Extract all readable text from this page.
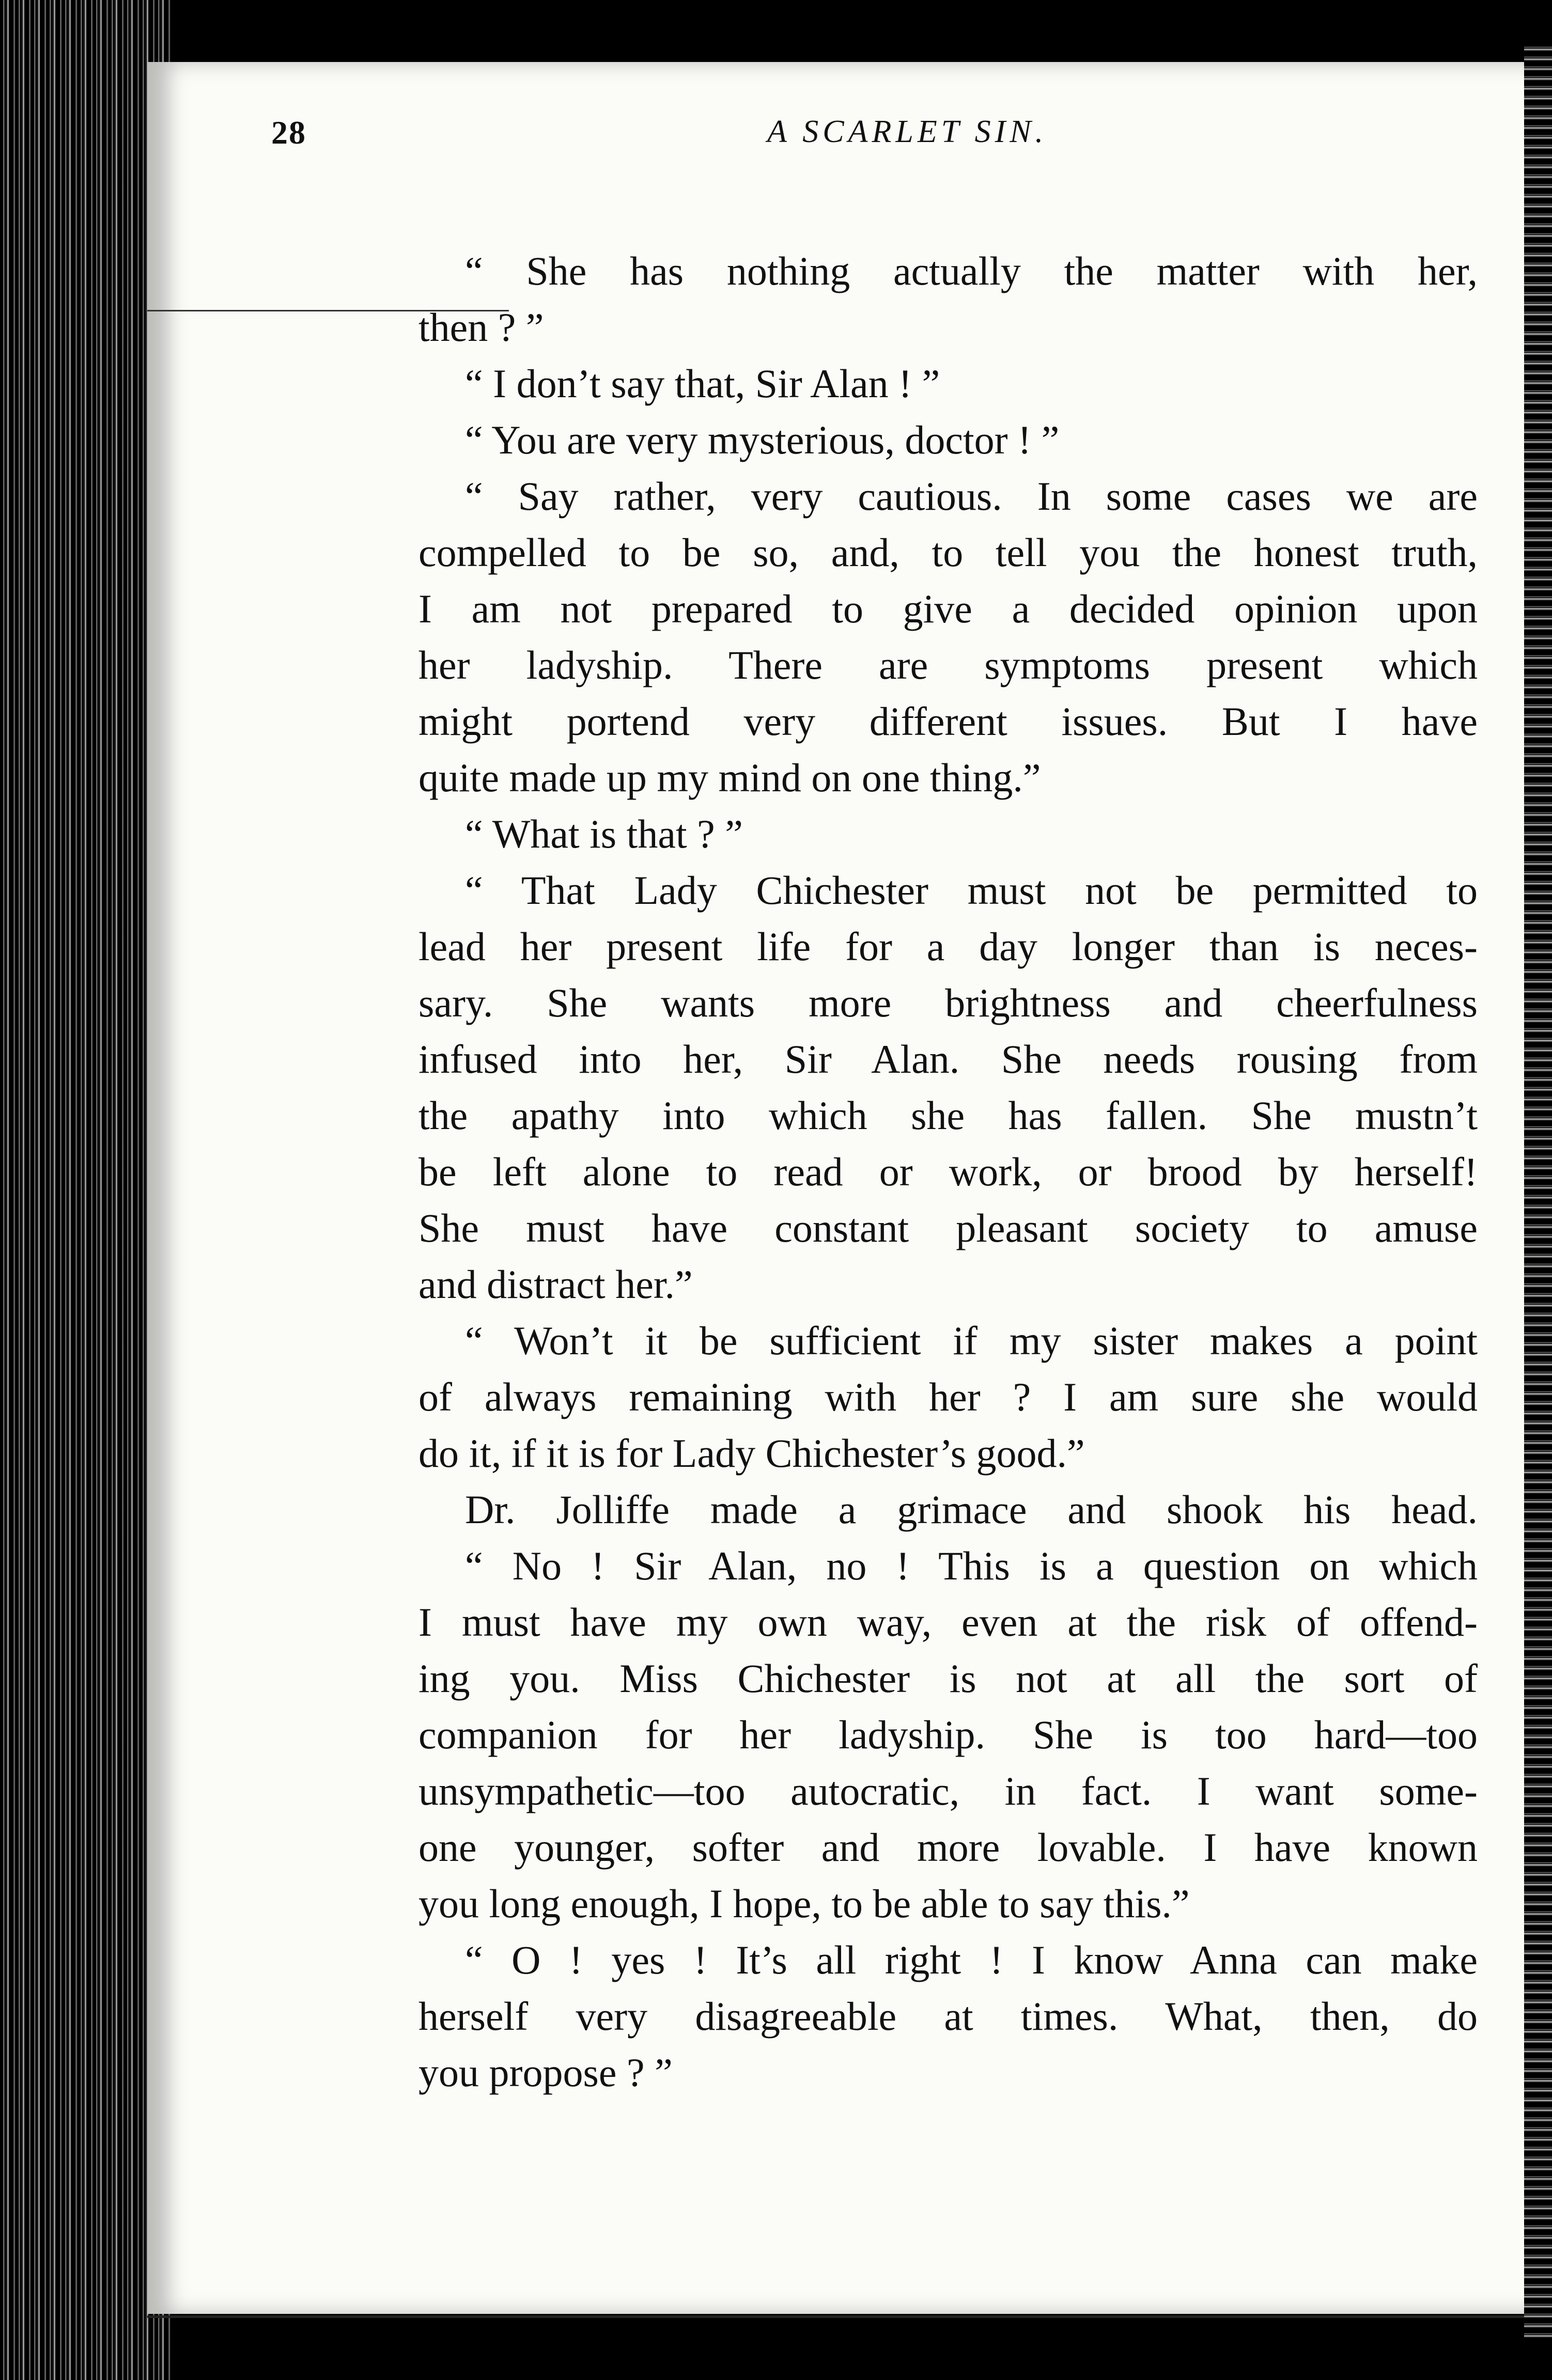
28	A SCARLET SIN.
“ She has nothing actually the matter with her,
then ? ”
“ I don’t say that, Sir Alan ! ”
“ You are very mysterious, doctor ! ”
“ Say rather, very cautious. In some cases we are
compelled to be so, and, to tell you the honest truth,
I am not prepared to give a decided opinion upon
her ladyship. There are symptoms present which
might portend very different issues. But I have
quite made up my mind on one thing.”
“ What is that ? ”
“ That Lady Chichester must not be permitted to
lead her present life for a day longer than is neces-
sary. She wants more brightness and cheerfulness
infused into her, Sir Alan. She needs rousing from
the apathy into which she has fallen. She mustn’t
be left alone to read or work, or brood by herself!
She must have constant pleasant society to amuse
and distract her.”
“ Won’t it be sufficient if my sister makes a point
of always remaining with her ? I am sure she would
do it, if it is for Lady Chichester’s good.”
Dr. Jolliffe made a grimace and shook his head.
“ No ! Sir Alan, no ! This is a question on which
I must have my own way, even at the risk of offend-
ing you. Miss Chichester is not at all the sort of
companion for her ladyship. She is too hard—too
unsympathetic—too autocratic, in fact. I want some-
one younger, softer and more lovable. I have known
you long enough, I hope, to be able to say this.”
“ O ! yes ! It’s all right ! I know Anna can make
herself very disagreeable at times. What, then, do
you propose ? ”
